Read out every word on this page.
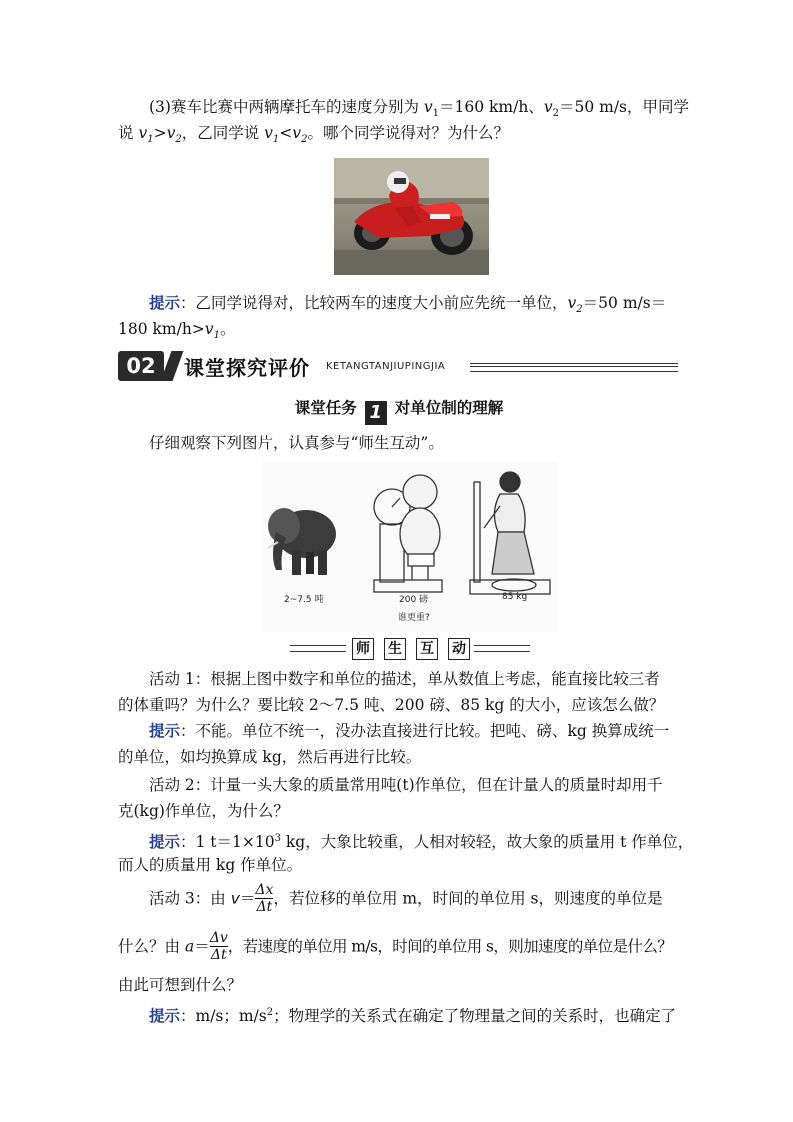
(3)赛车比赛中两辆摩托车的速度分别为 $v_1=160$ km/h、$v_2=50$ m/s，甲同学
说 $v_1>v_2$，乙同学说 $v_1<v_2$。哪个同学说得对？为什么？
提示：乙同学说得对，比较两车的速度大小前应先统一单位，$v_2=50$ m/s＝
180 $km/h>v_1$。
02	课堂探究评价 KETANGTANJIUPINGJIA
课堂任务 1 对单位制的理解
仔细观察下列图片，认真参与“师生互动”。
2~7.5 吨	200 磅	85 kg
谁更重?
师 生 互 动
活动 1：根据上图中数字和单位的描述，单从数值上考虑，能直接比较三者
的体重吗？为什么？要比较 2～7.5 吨、200 磅、85 kg 的大小，应该怎么做？
提示：不能。单位不统一，没办法直接进行比较。把吨、磅、kg 换算成统一
的单位，如均换算成 kg，然后再进行比较。
活动 2：计量一头大象的质量常用吨(t)作单位，但在计量人的质量时却用千
克(kg)作单位，为什么？
提示：1 $t=1\times 10^3$ kg，大象比较重，人相对较轻，故大象的质量用 t 作单位，
而人的质量用 kg 作单位。
活动 3：由 $v= \frac{\Delta x}{\Delta t}$ ，若位移的单位用 m，时间的单位用 s，则速度的单位是
什么？由 $a= \frac{\Delta v}{\Delta t}$ ，若速度的单位用 m/s，时间的单位用 s，则加速度的单位是什么？
由此可想到什么？
提示：m/s；$m/s^2$；物理学的关系式在确定了物理量之间的关系时，也确定了
